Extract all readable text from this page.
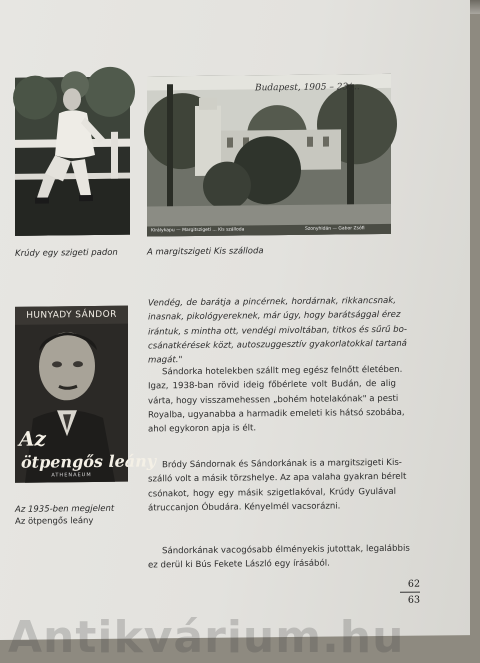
Krúdy egy szigeti padon
Királykapu — Margitszigeti ... Kis szálloda	Szonyhidán — Gabor Zsófi
Budapest, 1905 – 23/...
A margitszigeti Kis szálloda
HUNYADY SÁNDOR
Az
ötpengős leány
ATHENAEUM
Az 1935-ben megjelent
Az ötpengős leány

Vendég, de barátja a pincérnek, hordárnak, rikkancsnak,
inasnak, pikológyereknek, már úgy, hogy barátsággal érez
irántuk, s mintha ott, vendégi mivoltában, titkos és sűrű bo-
csánatkérések közt, autoszuggesztív gyakorlatokkal tartaná
magát."

Sándorka hotelekben szállt meg egész felnőtt életében.
Igaz, 1938-ban rövid ideig főbérlete volt Budán, de alig
várta, hogy visszamehessen „bohém hotelakónak" a pesti
Royalba, ugyanabba a harmadik emeleti kis hátsó szobába,
ahol egykoron apja is élt.

Bródy Sándornak és Sándorkának is a margitszigeti Kis-
szálló volt a másik törzshelye. Az apa valaha gyakran bérelt
csónakot, hogy egy másik szigetlakóval, Krúdy Gyulával
átruccanjon Óbudára. Kényelmél vacsorázni.

Sándorkának vacogósabb élményekis jutottak, legalábbis
ez derül ki Bús Fekete László egy írásából.

62
63
Antikvárium.hu
